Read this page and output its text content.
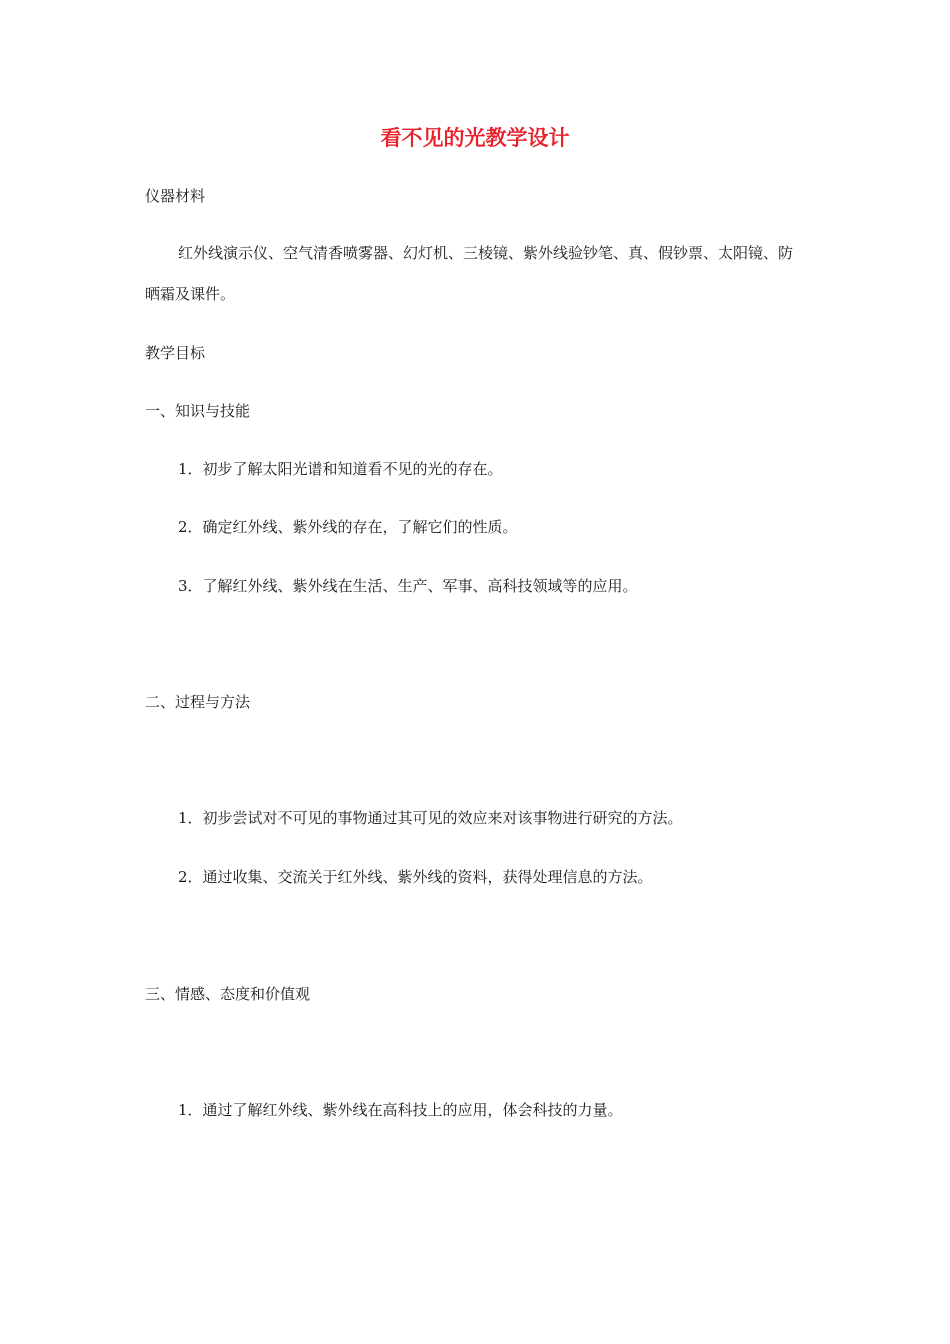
看不见的光教学设计
仪器材料
红外线演示仪、空气清香喷雾器、幻灯机、三棱镜、紫外线验钞笔、真、假钞票、太阳镜、防晒霜及课件。
教学目标
一、知识与技能
1．初步了解太阳光谱和知道看不见的光的存在。
2．确定红外线、紫外线的存在，了解它们的性质。
3．了解红外线、紫外线在生活、生产、军事、高科技领域等的应用。
二、过程与方法
1．初步尝试对不可见的事物通过其可见的效应来对该事物进行研究的方法。
2．通过收集、交流关于红外线、紫外线的资料，获得处理信息的方法。
三、情感、态度和价值观
1．通过了解红外线、紫外线在高科技上的应用，体会科技的力量。
